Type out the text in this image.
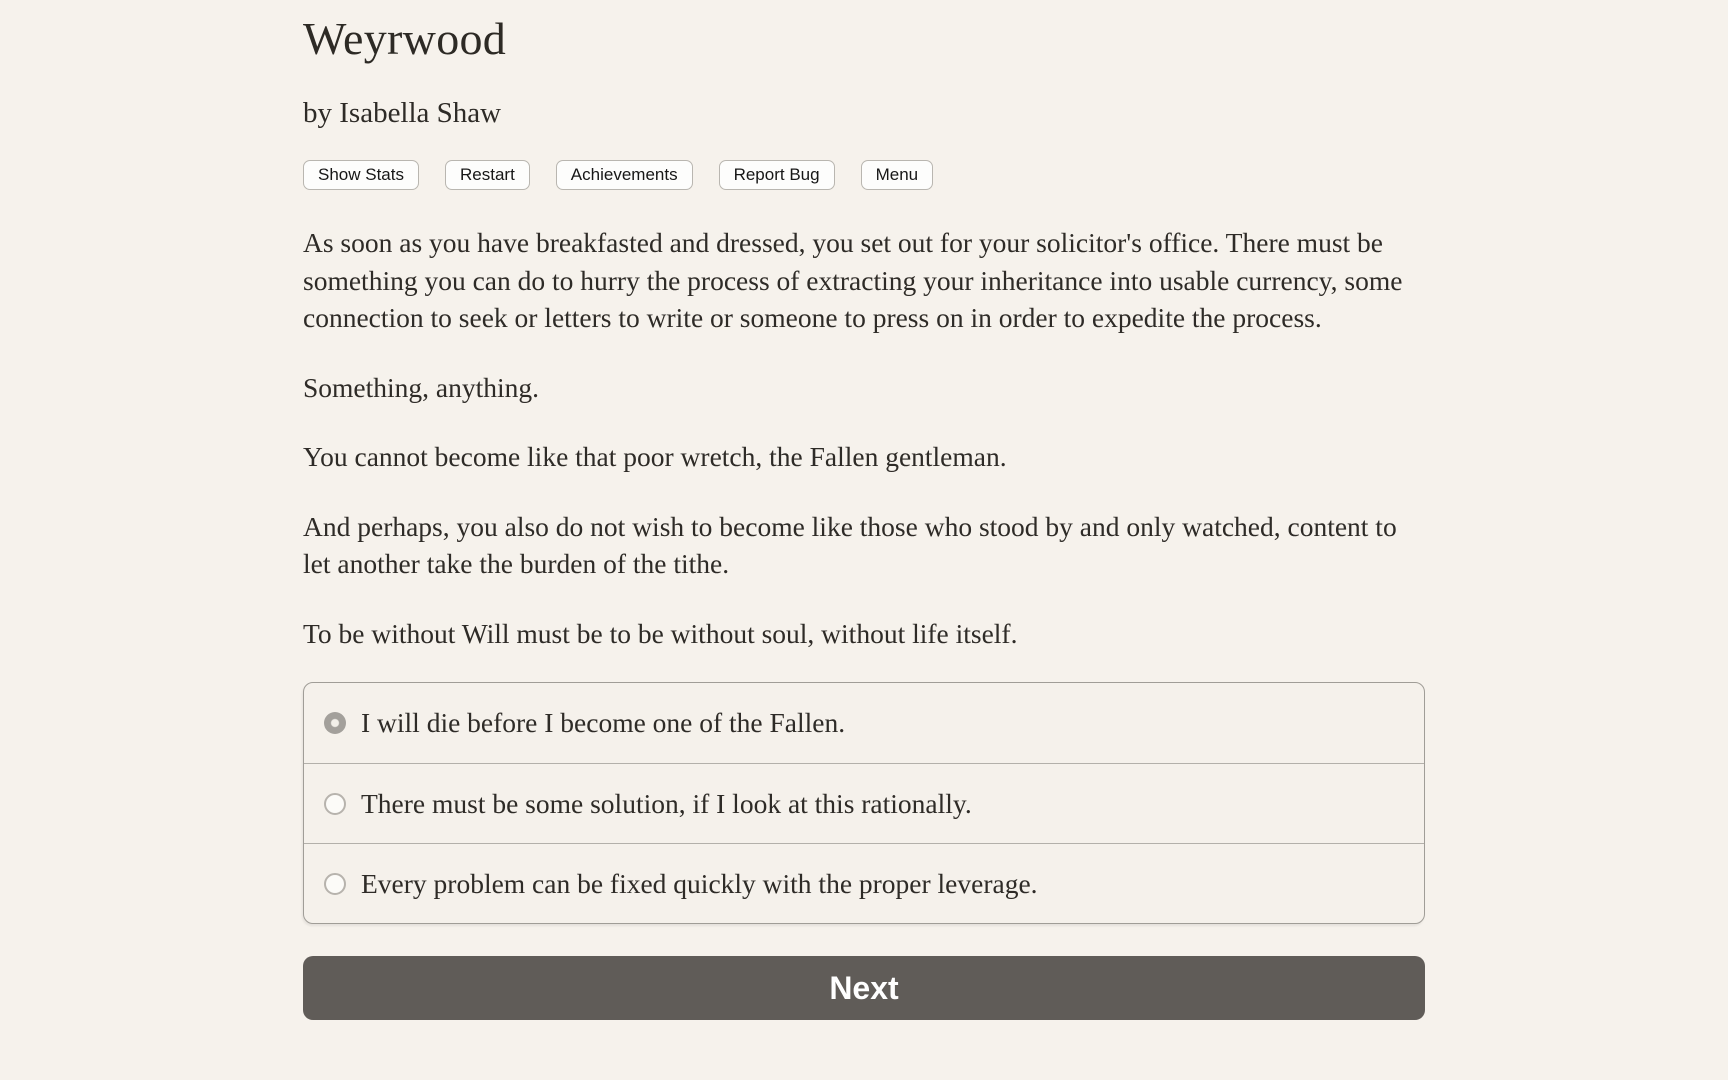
Weyrwood

by Isabella Shaw

Show Stats	Restart	Achievements	Report Bug	Menu

As soon as you have breakfasted and dressed, you set out for your solicitor's office. There must be something you can do to hurry the process of extracting your inheritance into usable currency, some connection to seek or letters to write or someone to press on in order to expedite the process.

Something, anything.

You cannot become like that poor wretch, the Fallen gentleman.

And perhaps, you also do not wish to become like those who stood by and only watched, content to let another take the burden of the tithe.

To be without Will must be to be without soul, without life itself.

I will die before I become one of the Fallen.
There must be some solution, if I look at this rationally.
Every problem can be fixed quickly with the proper leverage.
Next
